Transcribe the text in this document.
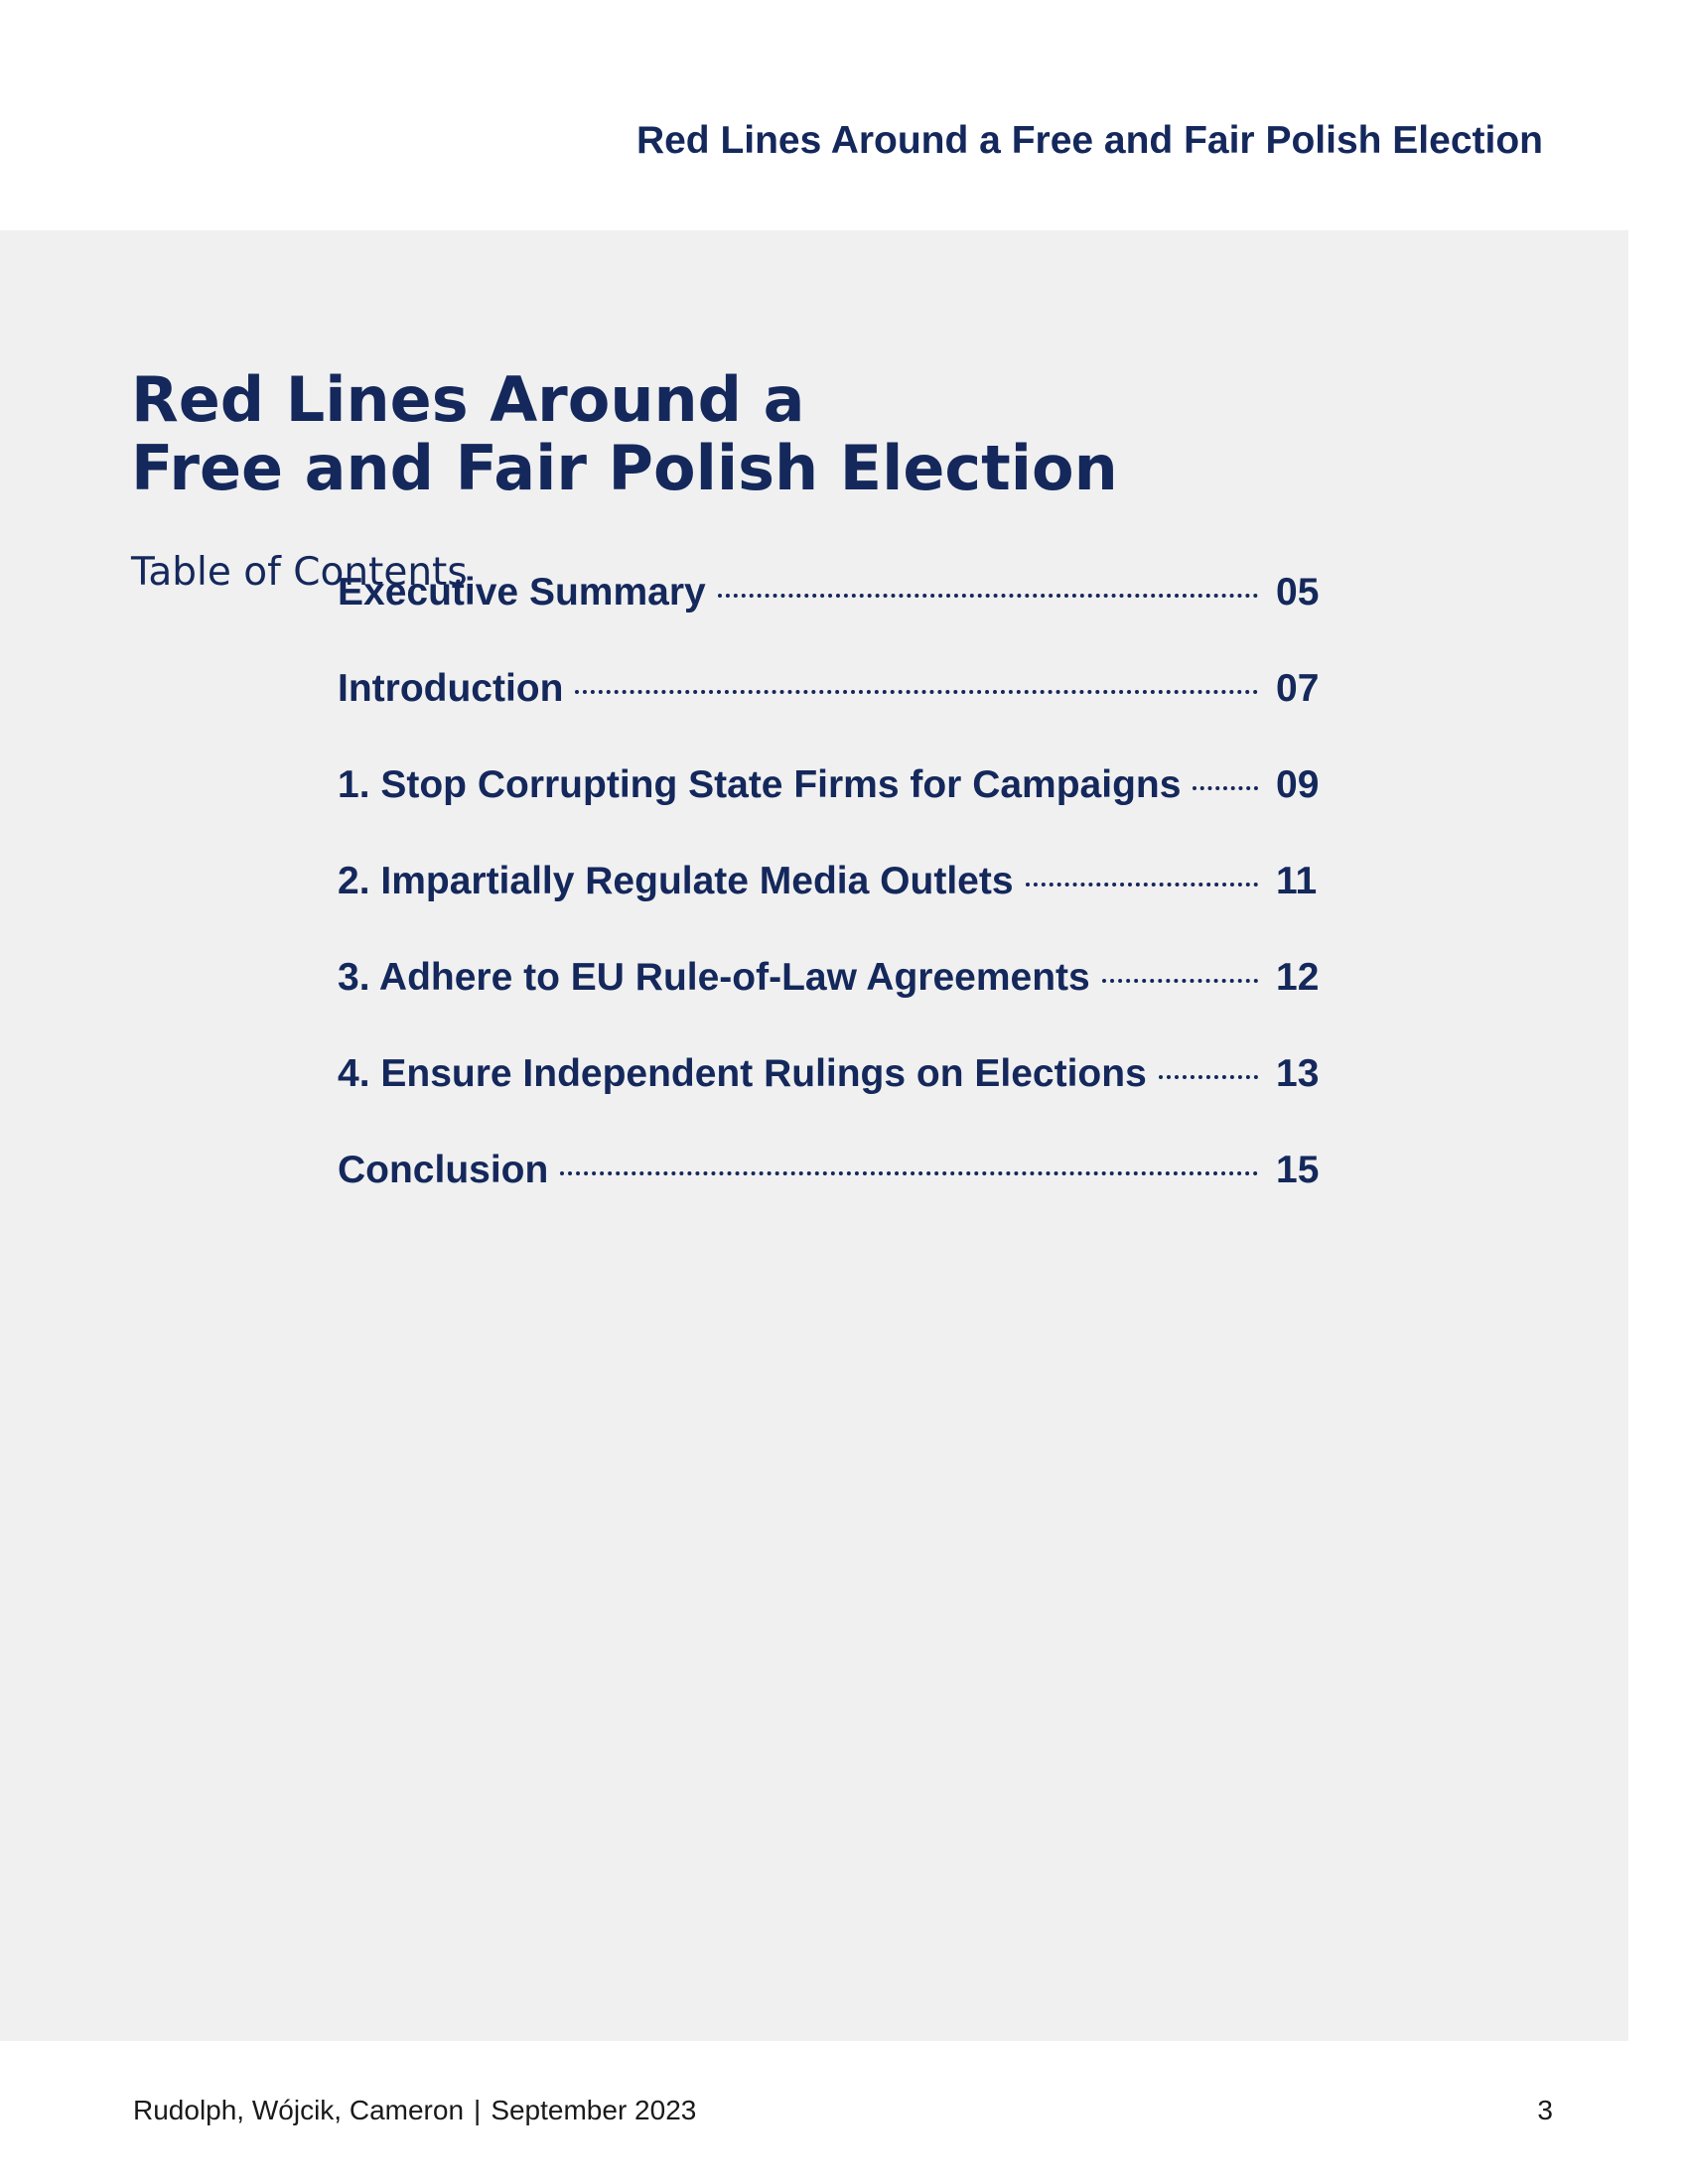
Red Lines Around a Free and Fair Polish Election
Red Lines Around a
Free and Fair Polish Election
Table of Contents
Executive Summary	05
Introduction	07
1. Stop Corrupting State Firms for Campaigns 09
2. Impartially Regulate Media Outlets	11
3. Adhere to EU Rule-of-Law Agreements	12
4. Ensure Independent Rulings on Elections	13
Conclusion	15
Rudolph, Wójcik, Cameron | September 2023	3
